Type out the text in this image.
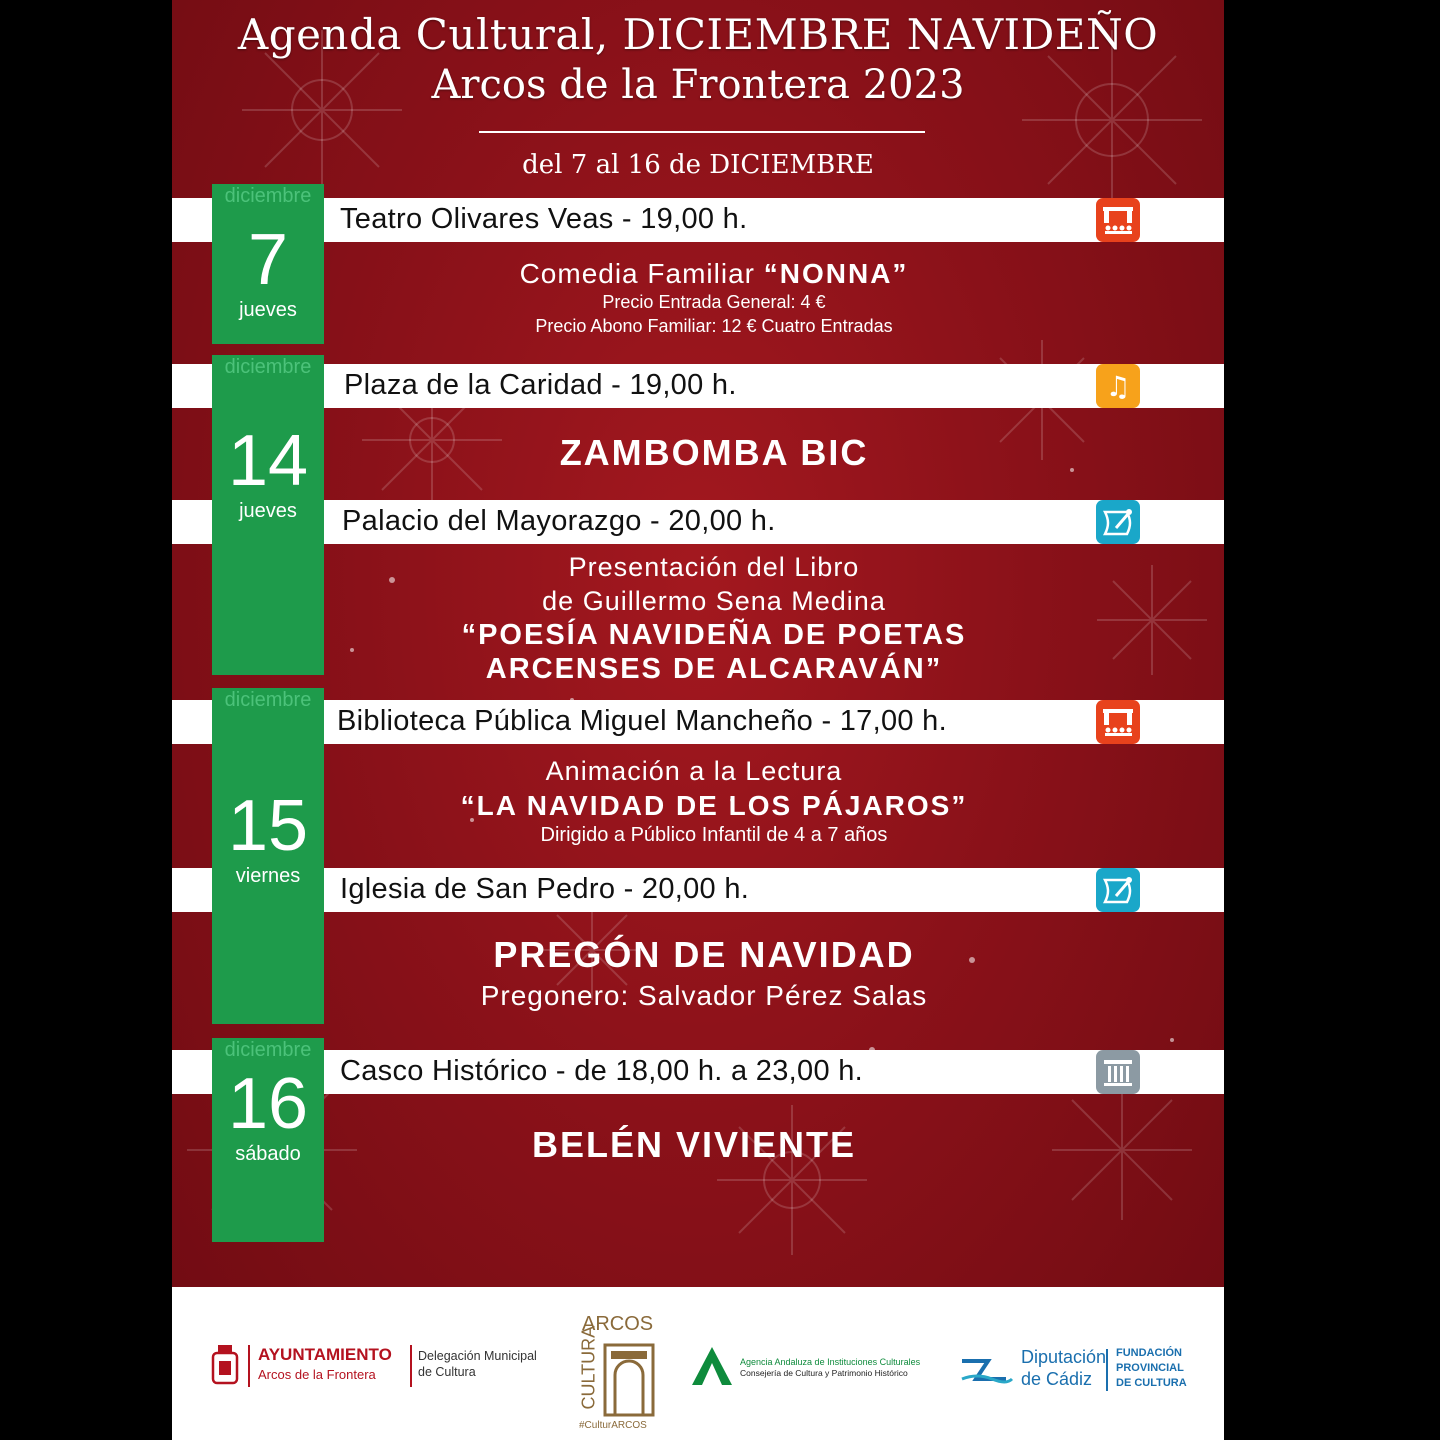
Agenda Cultural, DICIEMBRE NAVIDEÑO
Arcos de la Frontera 2023
del 7 al 16 de DICIEMBRE
Teatro Olivares Veas - 19,00 h.
Comedia Familiar “NONNA”
Precio Entrada General: 4 €
Precio Abono Familiar: 12 € Cuatro Entradas
Plaza de la Caridad - 19,00 h.	♫
ZAMBOMBA BIC
Palacio del Mayorazgo - 20,00 h.
Presentación del Libro
de Guillermo Sena Medina
“POESÍA NAVIDEÑA DE POETAS
ARCENSES DE ALCARAVÁN”
Biblioteca Pública Miguel Mancheño - 17,00 h.
Animación a la Lectura
“LA NAVIDAD DE LOS PÁJAROS”
Dirigido a Público Infantil de 4 a 7 años
Iglesia de San Pedro - 20,00 h.
PREGÓN DE NAVIDAD
Pregonero: Salvador Pérez Salas
Casco Histórico - de 18,00 h. a 23,00 h.
BELÉN VIVIENTE
diciembre
7
jueves
diciembre
14
jueves
diciembre
15
viernes
diciembre
16
sábado
AYUNTAMIENTO
Arcos de la Frontera
Delegación Municipal
de Cultura
ARCOS
CULTURA
#CulturARCOS
Agencia Andaluza de Instituciones Culturales
Consejería de Cultura y Patrimonio Histórico
Diputación
de Cádiz
FUNDACIÓN
PROVINCIAL
DE CULTURA
